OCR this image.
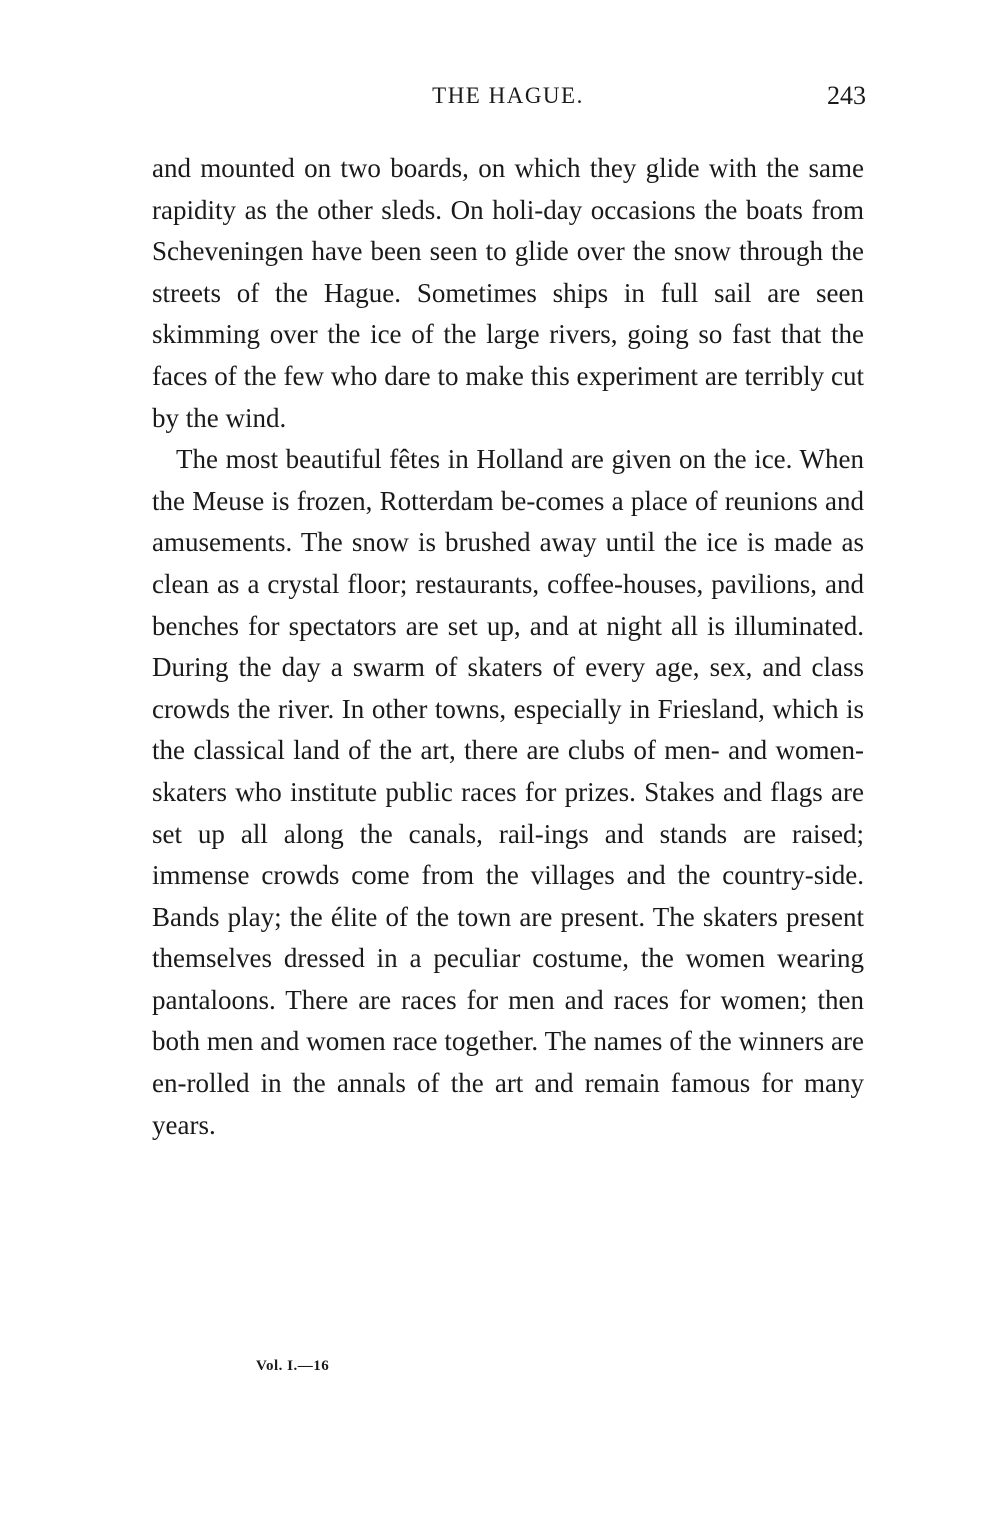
THE HAGUE.	243

and mounted on two boards, on which they glide with the same rapidity as the other sleds. On holi-day occasions the boats from Scheveningen have been seen to glide over the snow through the streets of the Hague. Sometimes ships in full sail are seen skimming over the ice of the large rivers, going so fast that the faces of the few who dare to make this experiment are terribly cut by the wind.

The most beautiful fêtes in Holland are given on the ice. When the Meuse is frozen, Rotterdam be-comes a place of reunions and amusements. The snow is brushed away until the ice is made as clean as a crystal floor; restaurants, coffee-houses, pavilions, and benches for spectators are set up, and at night all is illuminated. During the day a swarm of skaters of every age, sex, and class crowds the river. In other towns, especially in Friesland, which is the classical land of the art, there are clubs of men- and women-skaters who institute public races for prizes. Stakes and flags are set up all along the canals, rail-ings and stands are raised; immense crowds come from the villages and the country-side. Bands play; the élite of the town are present. The skaters present themselves dressed in a peculiar costume, the women wearing pantaloons. There are races for men and races for women; then both men and women race together. The names of the winners are en-rolled in the annals of the art and remain famous for many years.

Vol. I.—16
